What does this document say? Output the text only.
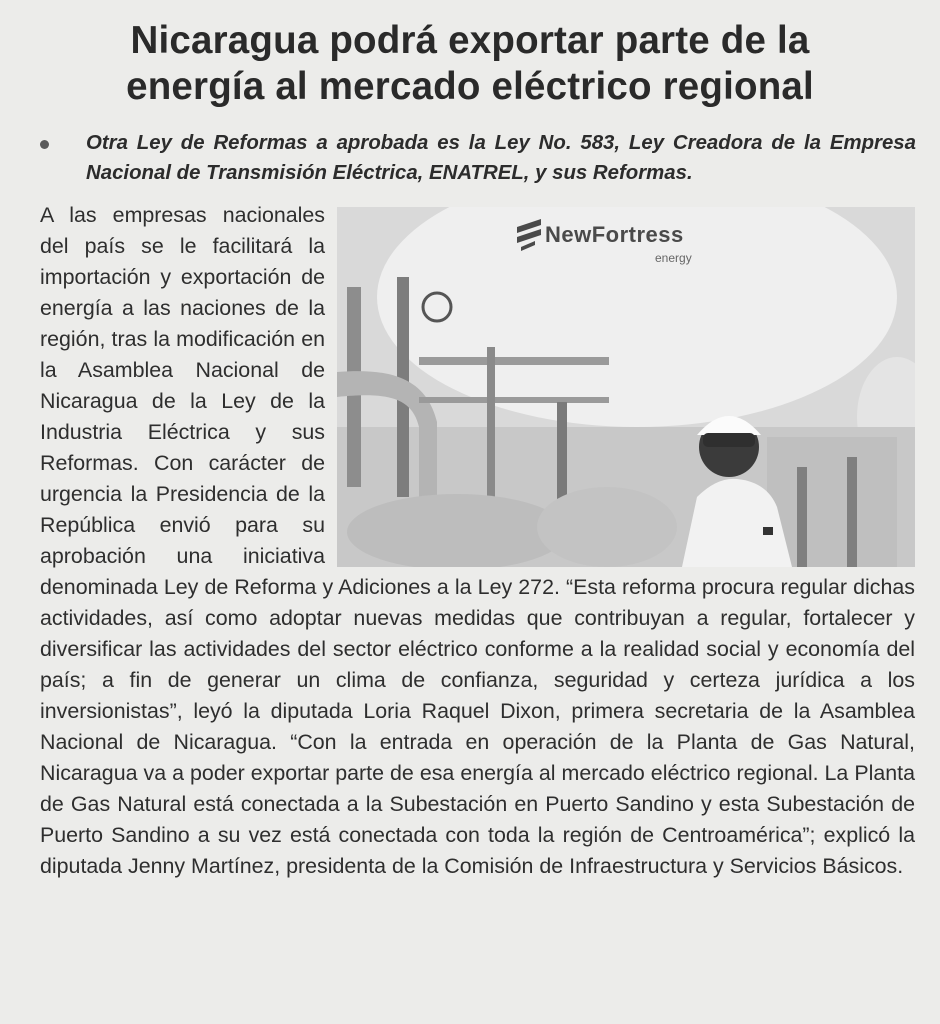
Nicaragua podrá exportar parte de la
energía al mercado eléctrico regional

Otra Ley de Reformas a aprobada es la Ley No. 583, Ley Creadora de la Empresa Nacional de Transmisión Eléctrica, ENATREL, y sus Reformas.

NewFortress
energy

A las empresas nacionales del país se le facilitará la importación y exportación de energía a las naciones de la región, tras la modificación en la Asamblea Nacional de Nicaragua de la Ley de la Industria Eléctrica y sus Reformas. Con carácter de urgencia la Presidencia de la República envió para su aprobación una iniciativa denominada Ley de Reforma y Adiciones a la Ley 272. “Esta reforma procura regular dichas actividades, así como adoptar nuevas medidas que contribuyan a regular, fortalecer y diversificar las actividades del sector eléctrico conforme a la realidad social y economía del país; a fin de generar un clima de confianza, seguridad y certeza jurídica a los inversionistas”, leyó la diputada Loria Raquel Dixon, primera secretaria de la Asamblea Nacional de Nicaragua. “Con la entrada en operación de la Planta de Gas Natural, Nicaragua va a poder exportar parte de esa energía al mercado eléctrico regional. La Planta de Gas Natural está conectada a la Subestación en Puerto Sandino y esta Subestación de Puerto Sandino a su vez está conectada con toda la región de Centroamérica”; explicó la diputada Jenny Martínez, presidenta de la Comisión de Infraestructura y Servicios Básicos.
